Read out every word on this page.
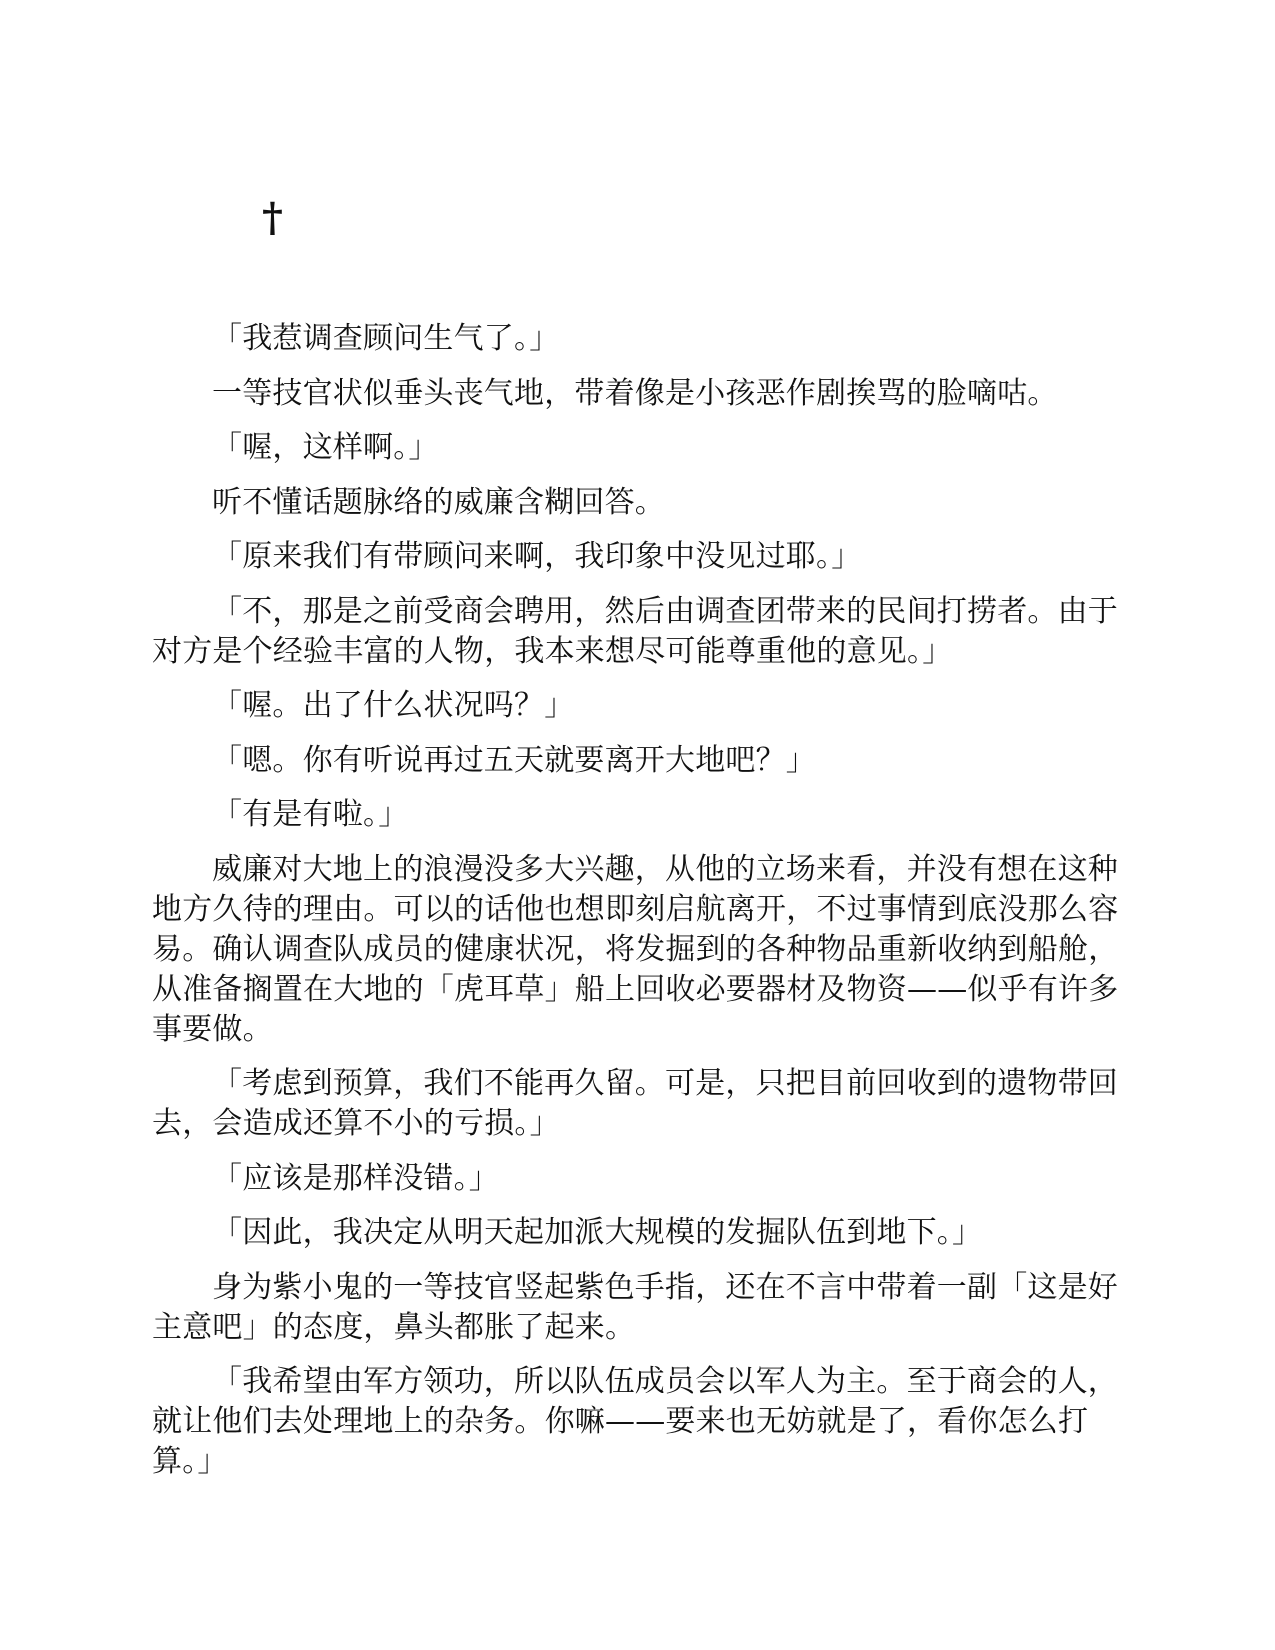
†

「我惹调查顾问生气了。」

一等技官状似垂头丧气地，带着像是小孩恶作剧挨骂的脸嘀咕。

「喔，这样啊。」

听不懂话题脉络的威廉含糊回答。

「原来我们有带顾问来啊，我印象中没见过耶。」

「不，那是之前受商会聘用，然后由调查团带来的民间打捞者。由于对方是个经验丰富的人物，我本来想尽可能尊重他的意见。」

「喔。出了什么状况吗？」

「嗯。你有听说再过五天就要离开大地吧？」

「有是有啦。」

威廉对大地上的浪漫没多大兴趣，从他的立场来看，并没有想在这种地方久待的理由。可以的话他也想即刻启航离开，不过事情到底没那么容易。确认调查队成员的健康状况，将发掘到的各种物品重新收纳到船舱，从准备搁置在大地的「虎耳草」船上回收必要器材及物资——似乎有许多事要做。

「考虑到预算，我们不能再久留。可是，只把目前回收到的遗物带回去，会造成还算不小的亏损。」

「应该是那样没错。」

「因此，我决定从明天起加派大规模的发掘队伍到地下。」

身为紫小鬼的一等技官竖起紫色手指，还在不言中带着一副「这是好主意吧」的态度，鼻头都胀了起来。

「我希望由军方领功，所以队伍成员会以军人为主。至于商会的人，就让他们去处理地上的杂务。你嘛——要来也无妨就是了，看你怎么打算。」
